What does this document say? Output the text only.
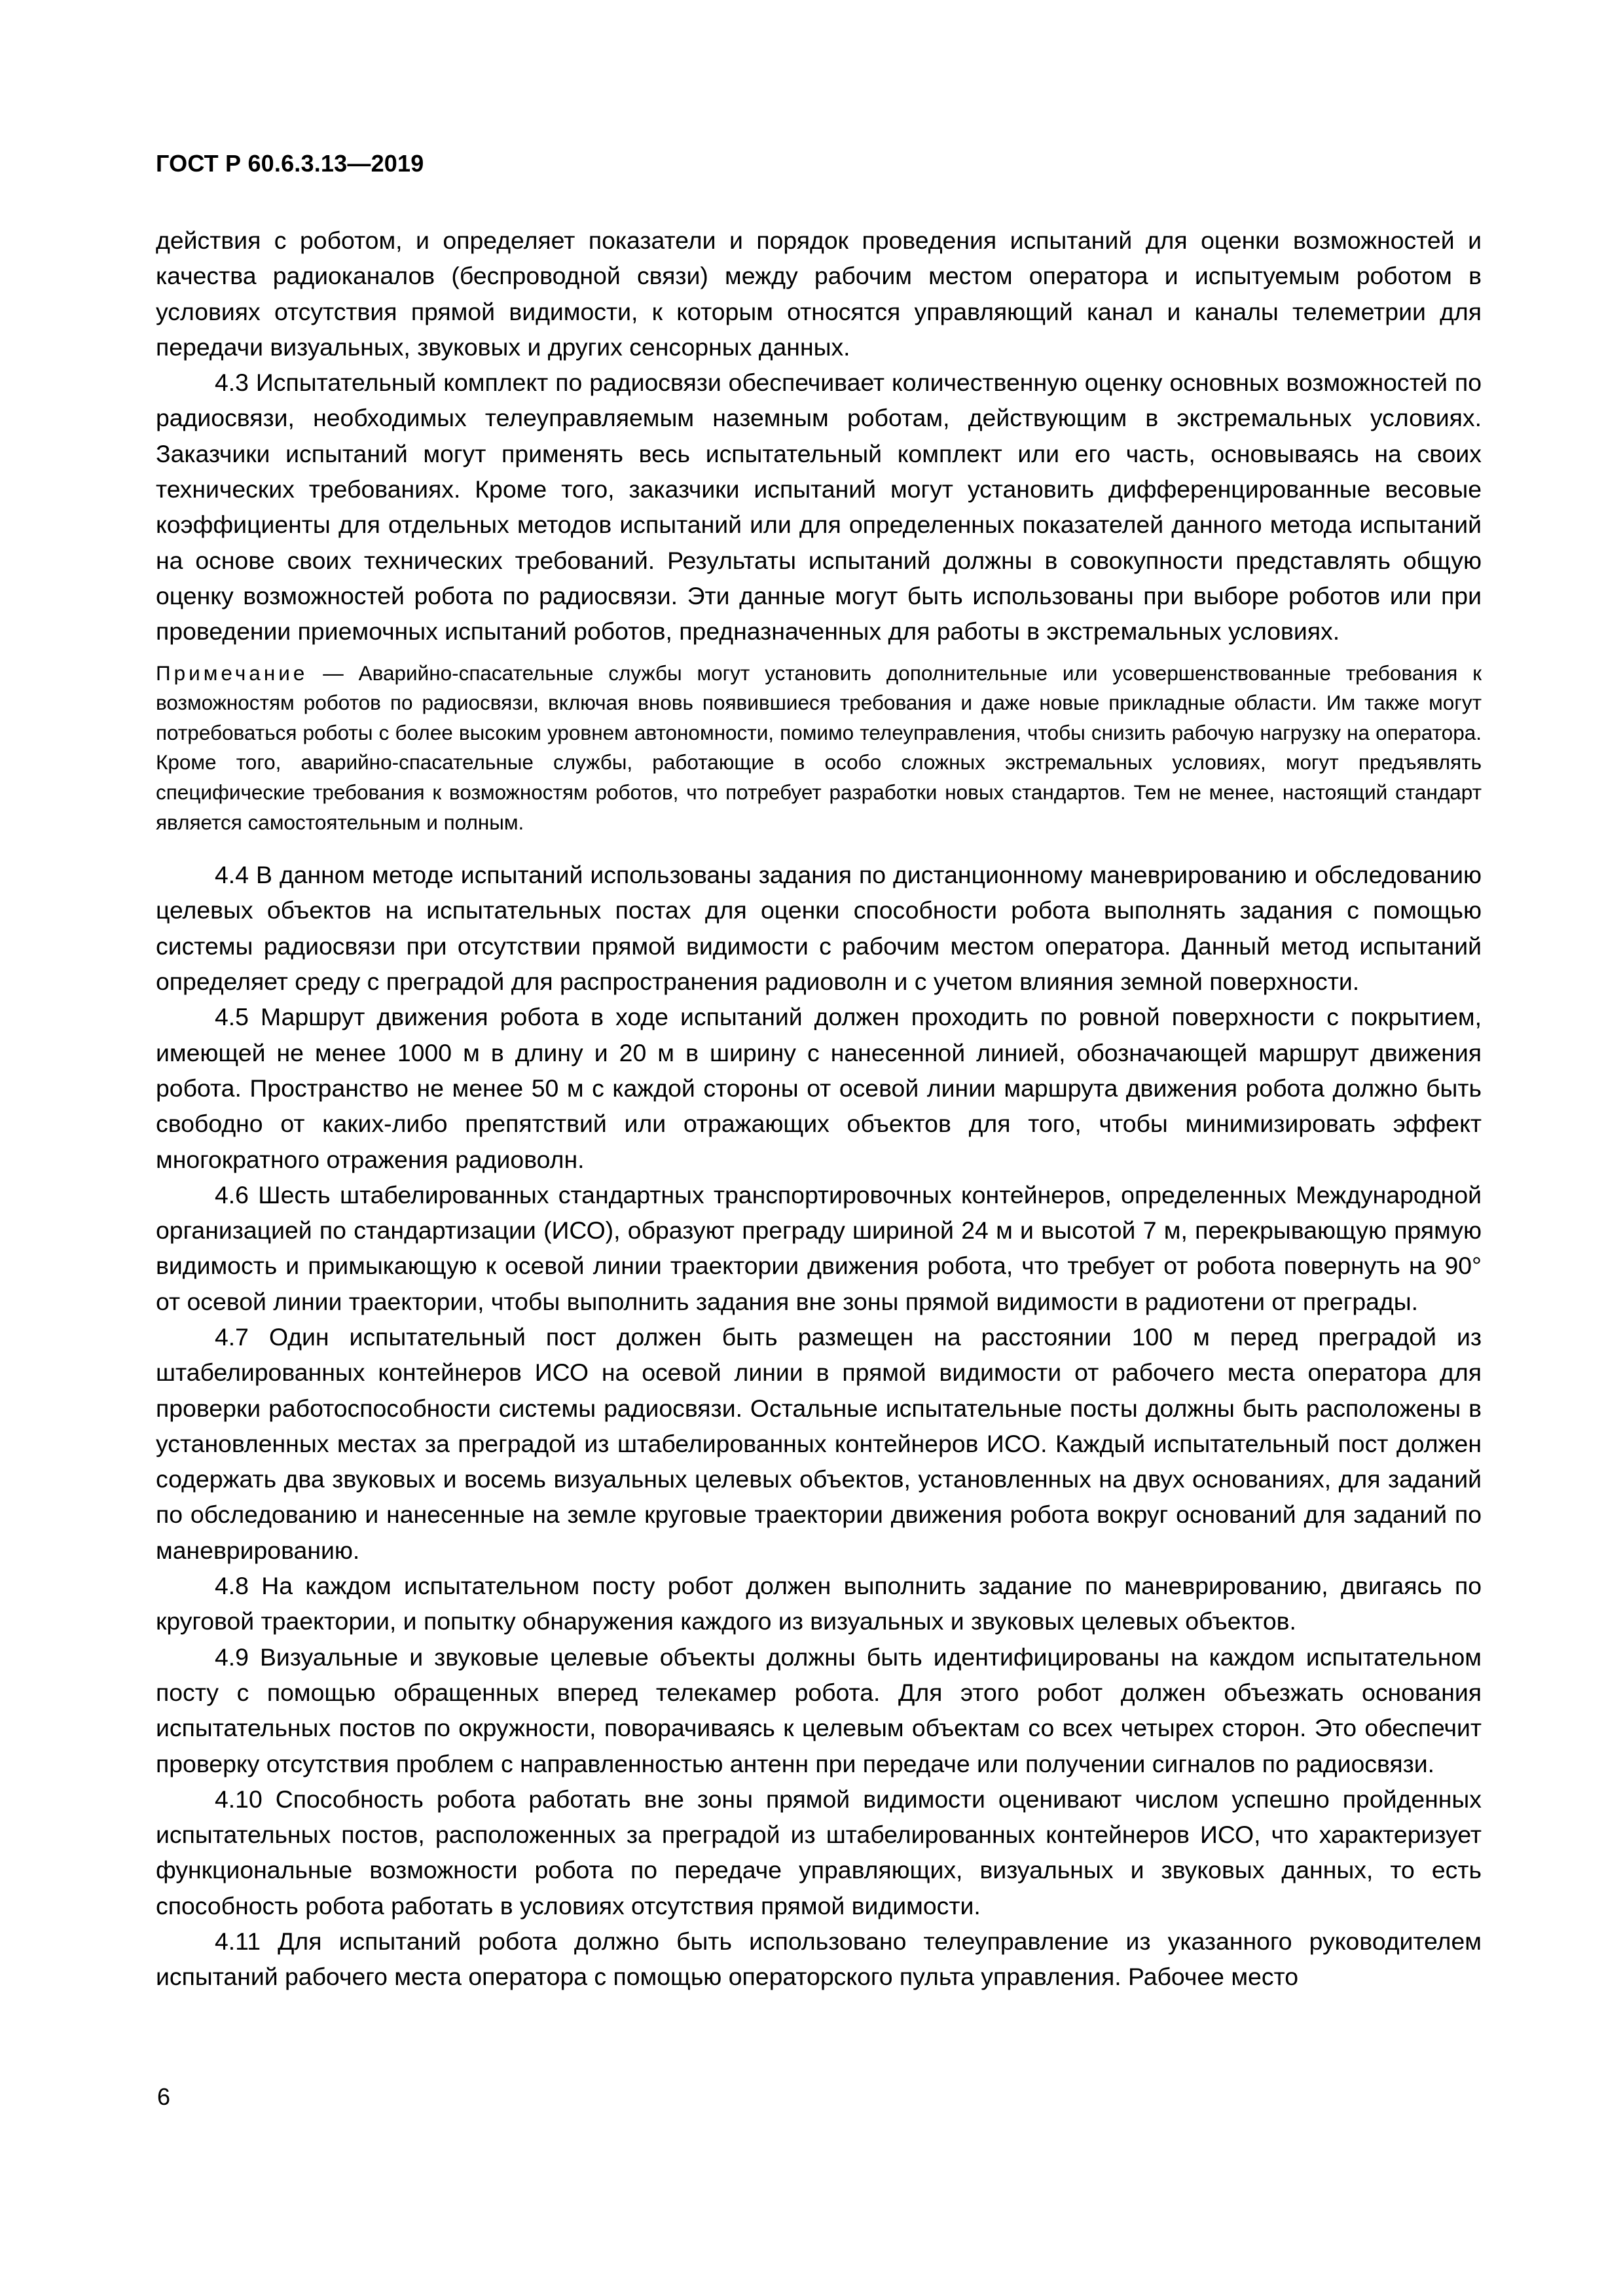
ГОСТ Р 60.6.3.13—2019

действия с роботом, и определяет показатели и порядок проведения испытаний для оценки возможностей и качества радиоканалов (беспроводной связи) между рабочим местом оператора и испытуемым роботом в условиях отсутствия прямой видимости, к которым относятся управляющий канал и каналы телеметрии для передачи визуальных, звуковых и других сенсорных данных.

4.3 Испытательный комплект по радиосвязи обеспечивает количественную оценку основных возможностей по радиосвязи, необходимых телеуправляемым наземным роботам, действующим в экстремальных условиях. Заказчики испытаний могут применять весь испытательный комплект или его часть, основываясь на своих технических требованиях. Кроме того, заказчики испытаний могут установить дифференцированные весовые коэффициенты для отдельных методов испытаний или для определенных показателей данного метода испытаний на основе своих технических требований. Результаты испытаний должны в совокупности представлять общую оценку возможностей робота по радиосвязи. Эти данные могут быть использованы при выборе роботов или при проведении приемочных испытаний роботов, предназначенных для работы в экстремальных условиях.

Примечание — Аварийно-спасательные службы могут установить дополнительные или усовершенствованные требования к возможностям роботов по радиосвязи, включая вновь появившиеся требования и даже новые прикладные области. Им также могут потребоваться роботы с более высоким уровнем автономности, помимо телеуправления, чтобы снизить рабочую нагрузку на оператора. Кроме того, аварийно-спасательные службы, работающие в особо сложных экстремальных условиях, могут предъявлять специфические требования к возможностям роботов, что потребует разработки новых стандартов. Тем не менее, настоящий стандарт является самостоятельным и полным.

4.4 В данном методе испытаний использованы задания по дистанционному маневрированию и обследованию целевых объектов на испытательных постах для оценки способности робота выполнять задания с помощью системы радиосвязи при отсутствии прямой видимости с рабочим местом оператора. Данный метод испытаний определяет среду с преградой для распространения радиоволн и с учетом влияния земной поверхности.

4.5 Маршрут движения робота в ходе испытаний должен проходить по ровной поверхности с покрытием, имеющей не менее 1000 м в длину и 20 м в ширину с нанесенной линией, обозначающей маршрут движения робота. Пространство не менее 50 м с каждой стороны от осевой линии маршрута движения робота должно быть свободно от каких-либо препятствий или отражающих объектов для того, чтобы минимизировать эффект многократного отражения радиоволн.

4.6 Шесть штабелированных стандартных транспортировочных контейнеров, определенных Международной организацией по стандартизации (ИСО), образуют преграду шириной 24 м и высотой 7 м, перекрывающую прямую видимость и примыкающую к осевой линии траектории движения робота, что требует от робота повернуть на 90° от осевой линии траектории, чтобы выполнить задания вне зоны прямой видимости в радиотени от преграды.

4.7 Один испытательный пост должен быть размещен на расстоянии 100 м перед преградой из штабелированных контейнеров ИСО на осевой линии в прямой видимости от рабочего места оператора для проверки работоспособности системы радиосвязи. Остальные испытательные посты должны быть расположены в установленных местах за преградой из штабелированных контейнеров ИСО. Каждый испытательный пост должен содержать два звуковых и восемь визуальных целевых объектов, установленных на двух основаниях, для заданий по обследованию и нанесенные на земле круговые траектории движения робота вокруг оснований для заданий по маневрированию.

4.8 На каждом испытательном посту робот должен выполнить задание по маневрированию, двигаясь по круговой траектории, и попытку обнаружения каждого из визуальных и звуковых целевых объектов.

4.9 Визуальные и звуковые целевые объекты должны быть идентифицированы на каждом испытательном посту с помощью обращенных вперед телекамер робота. Для этого робот должен объезжать основания испытательных постов по окружности, поворачиваясь к целевым объектам со всех четырех сторон. Это обеспечит проверку отсутствия проблем с направленностью антенн при передаче или получении сигналов по радиосвязи.

4.10 Способность робота работать вне зоны прямой видимости оценивают числом успешно пройденных испытательных постов, расположенных за преградой из штабелированных контейнеров ИСО, что характеризует функциональные возможности робота по передаче управляющих, визуальных и звуковых данных, то есть способность робота работать в условиях отсутствия прямой видимости.

4.11 Для испытаний робота должно быть использовано телеуправление из указанного руководителем испытаний рабочего места оператора с помощью операторского пульта управления. Рабочее место

6
